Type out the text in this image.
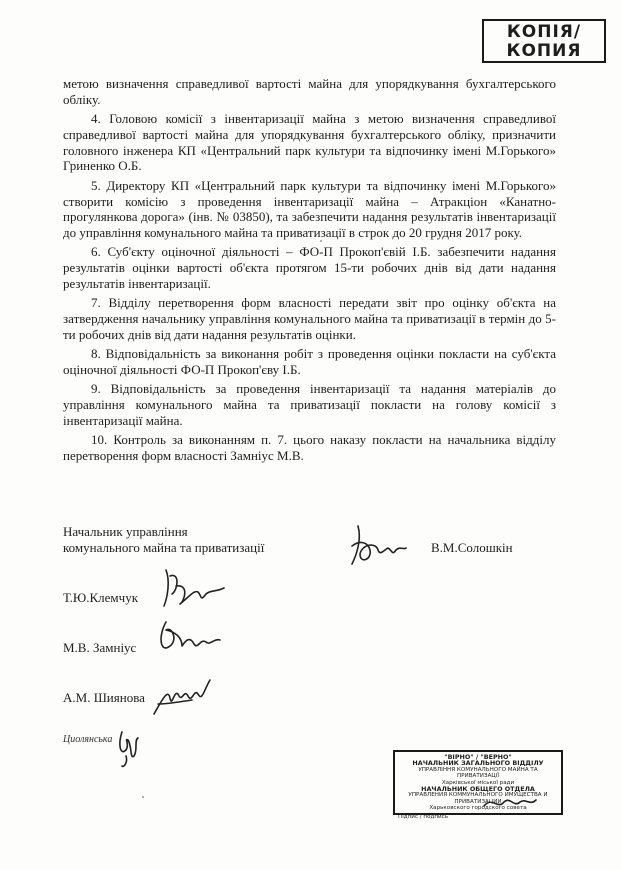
КОПІЯ/
КОПИЯ

метою визначення справедливої вартості майна для упорядкування бухгалтерського обліку.

4. Головою комісії з інвентаризації майна з метою визначення справедливої справедливої вартості майна для упорядкування бухгалтерського обліку, призначити головного інженера КП «Центральний парк культури та відпочинку імені М.Горького» Гриненко О.Б.

5. Директору КП «Центральний парк культури та відпочинку імені М.Горького» створити комісію з проведення інвентаризації майна – Атракціон «Канатно-прогулянкова дорога» (інв. № 03850), та забезпечити надання результатів інвентаризації до управління комунального майна та приватизації в строк до 20 грудня 2017 року.

6. Суб'єкту оціночної діяльності – ФО-П Прокоп'євій І.Б. забезпечити надання результатів оцінки вартості об'єкта протягом 15-ти робочих днів від дати надання результатів інвентаризації.

7. Відділу перетворення форм власності передати звіт про оцінку об'єкта на затвердження начальнику управління комунального майна та приватизації в термін до 5-ти робочих днів від дати надання результатів оцінки.

8. Відповідальність за виконання робіт з проведення оцінки покласти на суб'єкта оціночної діяльності ФО-П Прокоп'єву І.Б.

9. Відповідальність за проведення інвентаризації та надання матеріалів до управління комунального майна та приватизації покласти на голову комісії з інвентаризації майна.

10. Контроль за виконанням п. 7. цього наказу покласти на начальника відділу перетворення форм власності Замніус М.В.

Начальник управління
комунального майна та приватизації	В.М.Солошкін
Т.Ю.Клемчук
М.В. Замніус
А.М. Шиянова
Циолянська
"ВІРНО" / "ВЕРНО"
НАЧАЛЬНИК ЗАГАЛЬНОГО ВІДДІЛУ
УПРАВЛІННЯ КОМУНАЛЬНОГО МАЙНА ТА ПРИВАТИЗАЦІЇ
Харківської міської ради
НАЧАЛЬНИК ОБЩЕГО ОТДЕЛА
УПРАВЛЕНИЯ КОММУНАЛЬНОГО ИМУЩЕСТВА И ПРИВАТИЗАЦИИ
Харьковского городского совета
Підпис / подпись
